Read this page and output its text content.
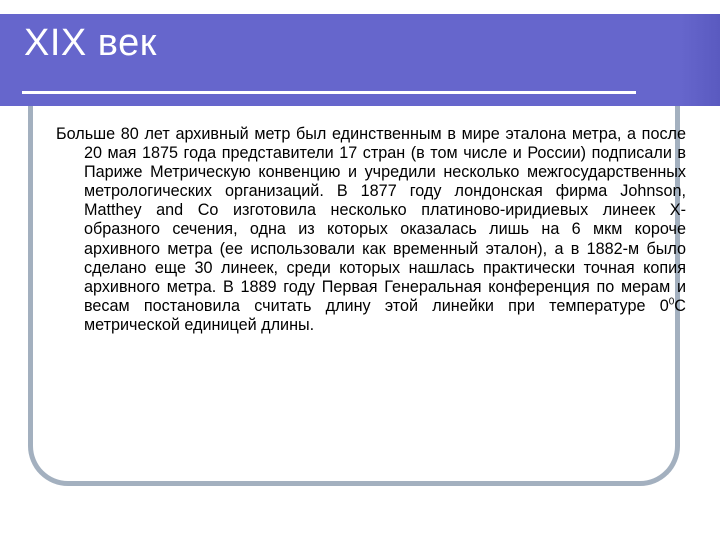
XIX век

Больше 80 лет архивный метр был единственным в мире эталона метра, а после 20 мая 1875 года представители 17 стран (в том числе и России) подписали в Париже Метрическую конвенцию и учредили несколько межгосударственных метрологических организаций. В 1877 году лондонская фирма Johnson, Matthey and Co изготовила несколько платиново-иридиевых линеек Х-образного сечения, одна из которых оказалась лишь на 6 мкм короче архивного метра (ее использовали как временный эталон), а в 1882-м было сделано еще 30 линеек, среди которых нашлась практически точная копия архивного метра. В 1889 году Первая Генеральная конференция по мерам и весам постановила считать длину этой линейки при температуре $0^0С$ метрической единицей длины.
